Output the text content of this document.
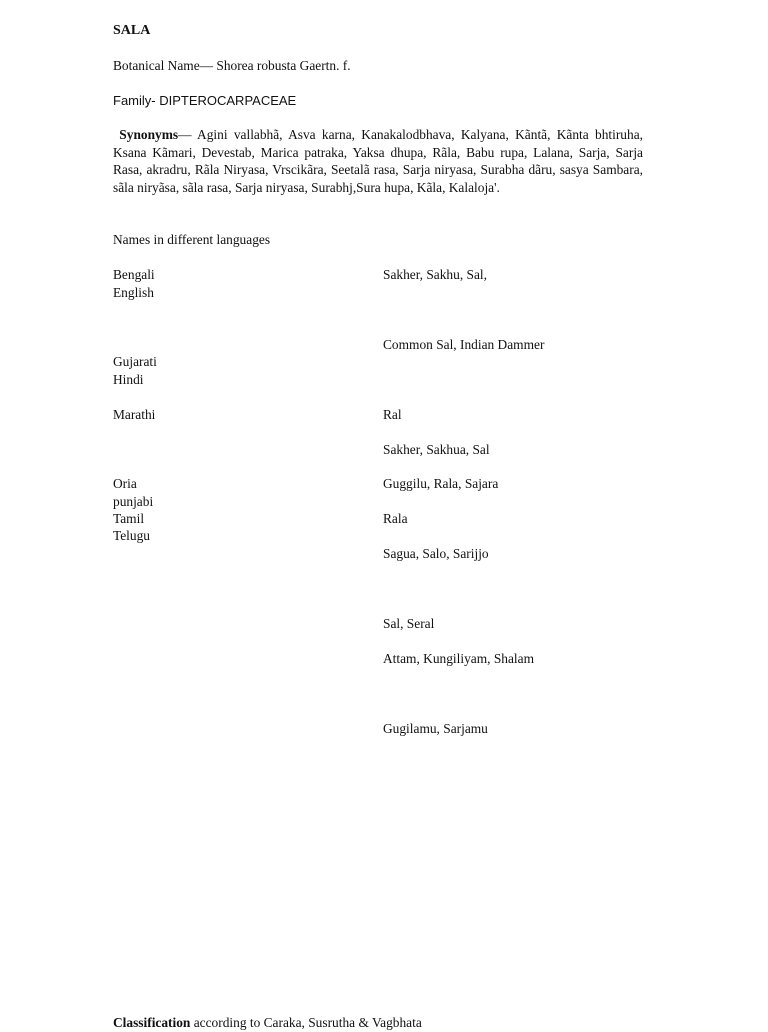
SALA
Botanical Name— Shorea robusta Gaertn. f.
Family- DIPTEROCARPACEAE
Synonyms— Agini vallabhã, Asva karna, Kanakalodbhava, Kalyana, Kãntã, Kãnta bhtiruha, Ksana Kãmari, Devestab, Marica patraka, Yaksa dhupa, Rãla, Babu rupa, Lalana, Sarja, Sarja Rasa, akradru, Rãla Niryasa, Vrscikãra, Seetalã rasa, Sarja niryasa, Surabha dãru, sasya Sambara, sãla niryãsa, sãla rasa, Sarja niryasa, Surabhj,Sura hupa, Kãla, Kalaloja'.
Names in different languages
Bengali
English
Gujarati
Hindi
Marathi
Oria
punjabi
Tamil
Telugu
Sakher, Sakhu, Sal,
Common Sal, Indian Dammer
Ral
Sakher, Sakhua, Sal
Guggilu, Rala, Sajara
Rala
Sagua, Salo, Sarijjo
Sal, Seral
Attam, Kungiliyam, Shalam
Gugilamu, Sarjamu
Classification according to Caraka, Susrutha & Vagbhata
